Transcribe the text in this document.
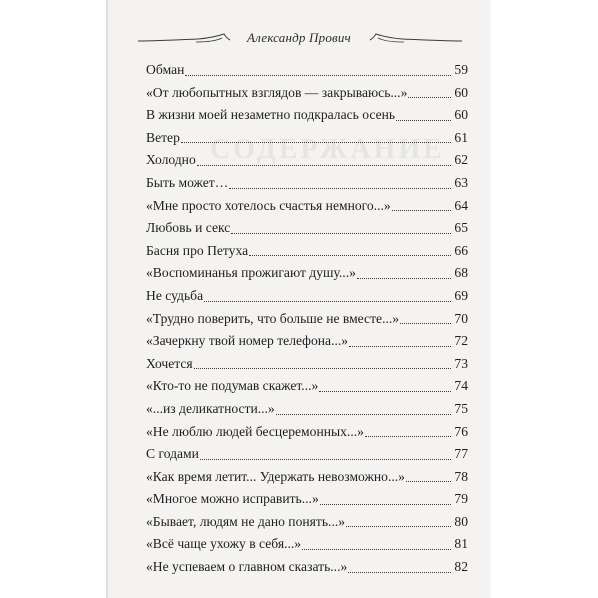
СОДЕРЖАНИЕ
Александр Прович
Обман	59
«От любопытных взглядов — закрываюсь...»	60
В жизни моей незаметно подкралась осень	60
Ветер	61
Холодно	62
Быть может…	63
«Мне просто хотелось счастья немного...»	64
Любовь и секс	65
Басня про Петуха	66
«Воспоминанья прожигают душу...»	68
Не судьба	69
«Трудно поверить, что больше не вместе...»	70
«Зачеркну твой номер телефона...»	72
Хочется	73
«Кто-то не подумав скажет...»	74
«...из деликатности...»	75
«Не люблю людей бесцеремонных...»	76
С годами	77
«Как время летит... Удержать невозможно...»	78
«Многое можно исправить...»	79
«Бывает, людям не дано понять...»	80
«Всё чаще ухожу в себя...»	81
«Не успеваем о главном сказать...»	82
